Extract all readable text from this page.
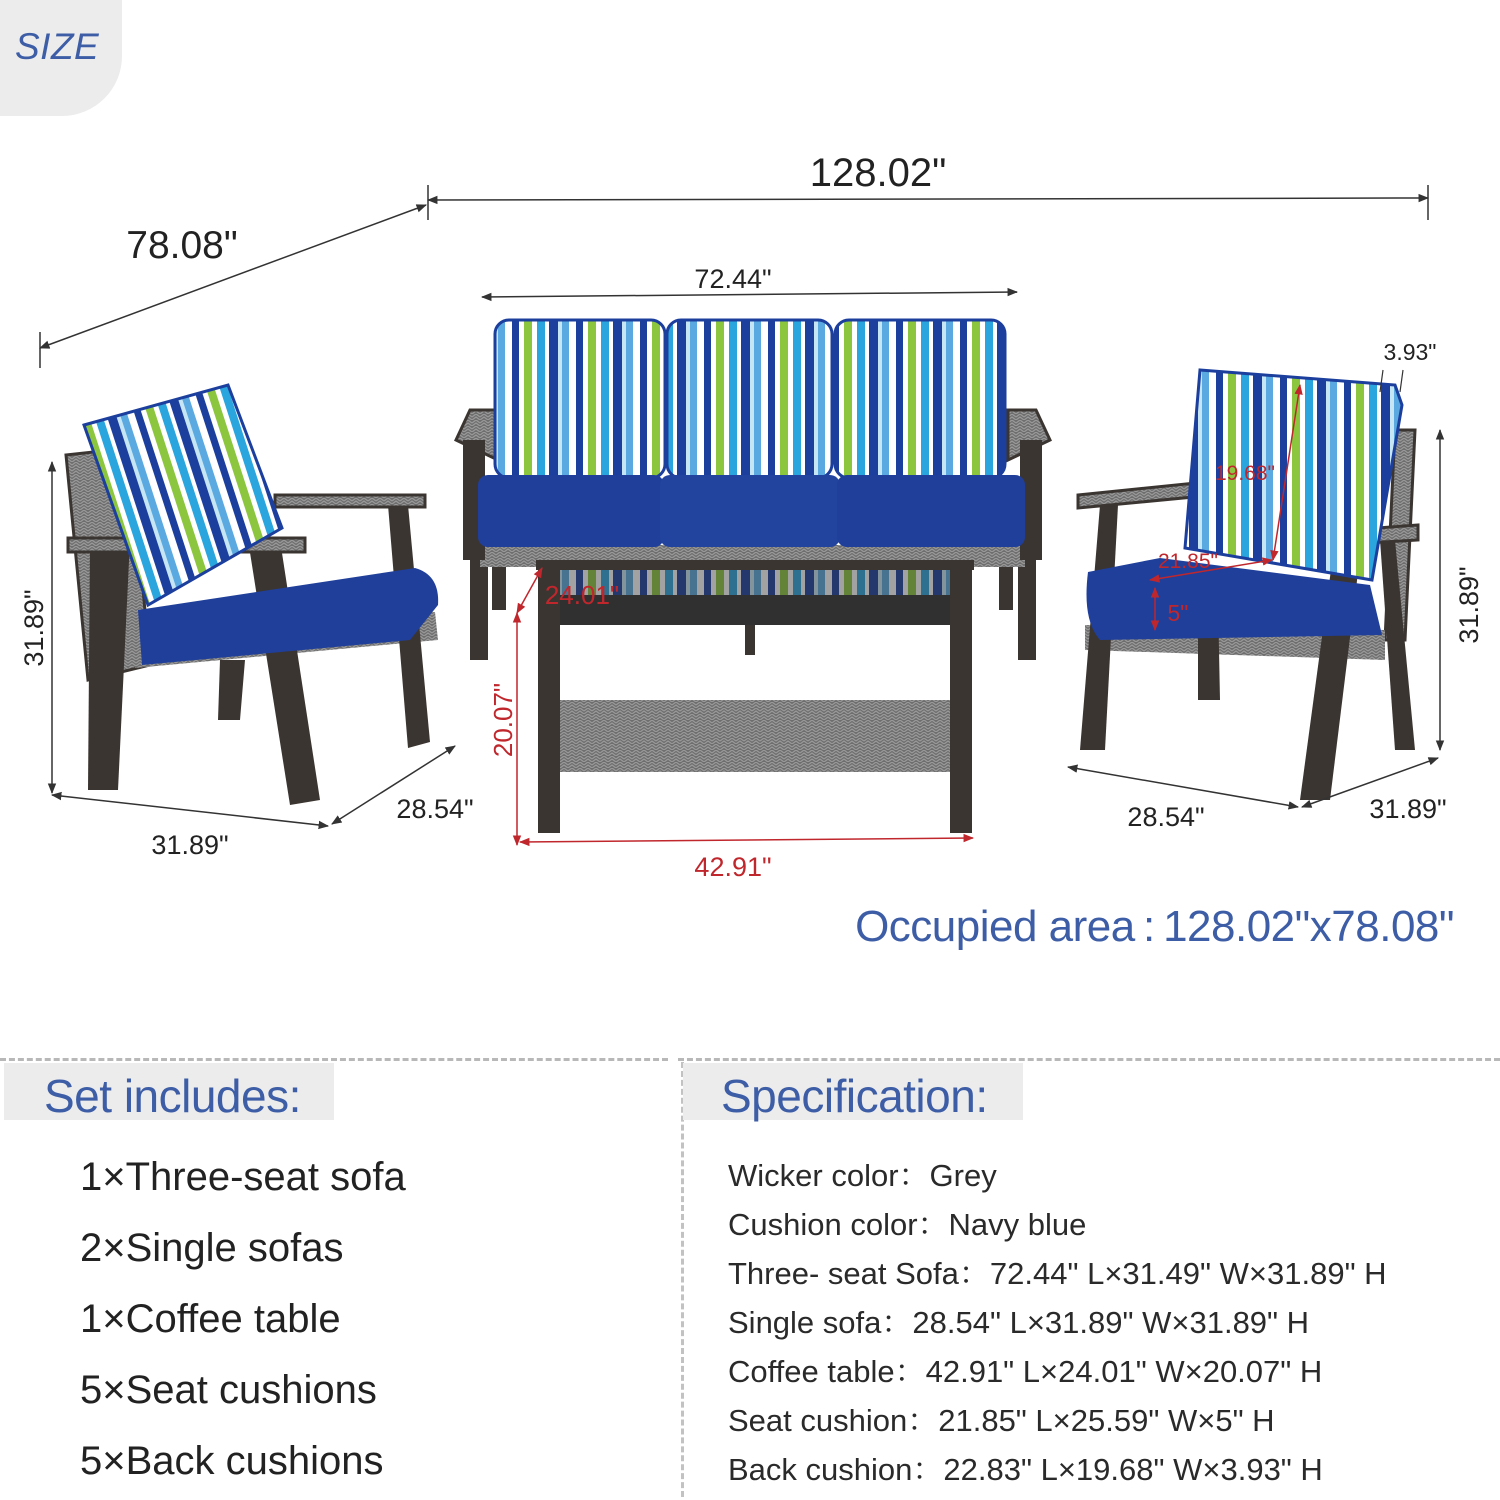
SIZE
128.02"
78.08"
72.44"
3.93"
19.68"
21.85"
5"
24.01"
20.07"
42.91"
31.89"
31.89"
28.54"
31.89"
28.54"	31.89"
Occupied area : 128.02"x78.08"
Set includes:	Specification:
1×Three-seat sofa
2×Single sofas
1×Coffee table
5×Seat cushions
5×Back cushions
Wicker color：Grey
Cushion color：Navy blue
Three- seat Sofa：72.44" L×31.49" W×31.89" H
Single sofa：28.54" L×31.89" W×31.89" H
Coffee table：42.91" L×24.01" W×20.07" H
Seat cushion：21.85" L×25.59" W×5" H
Back cushion：22.83" L×19.68" W×3.93" H
